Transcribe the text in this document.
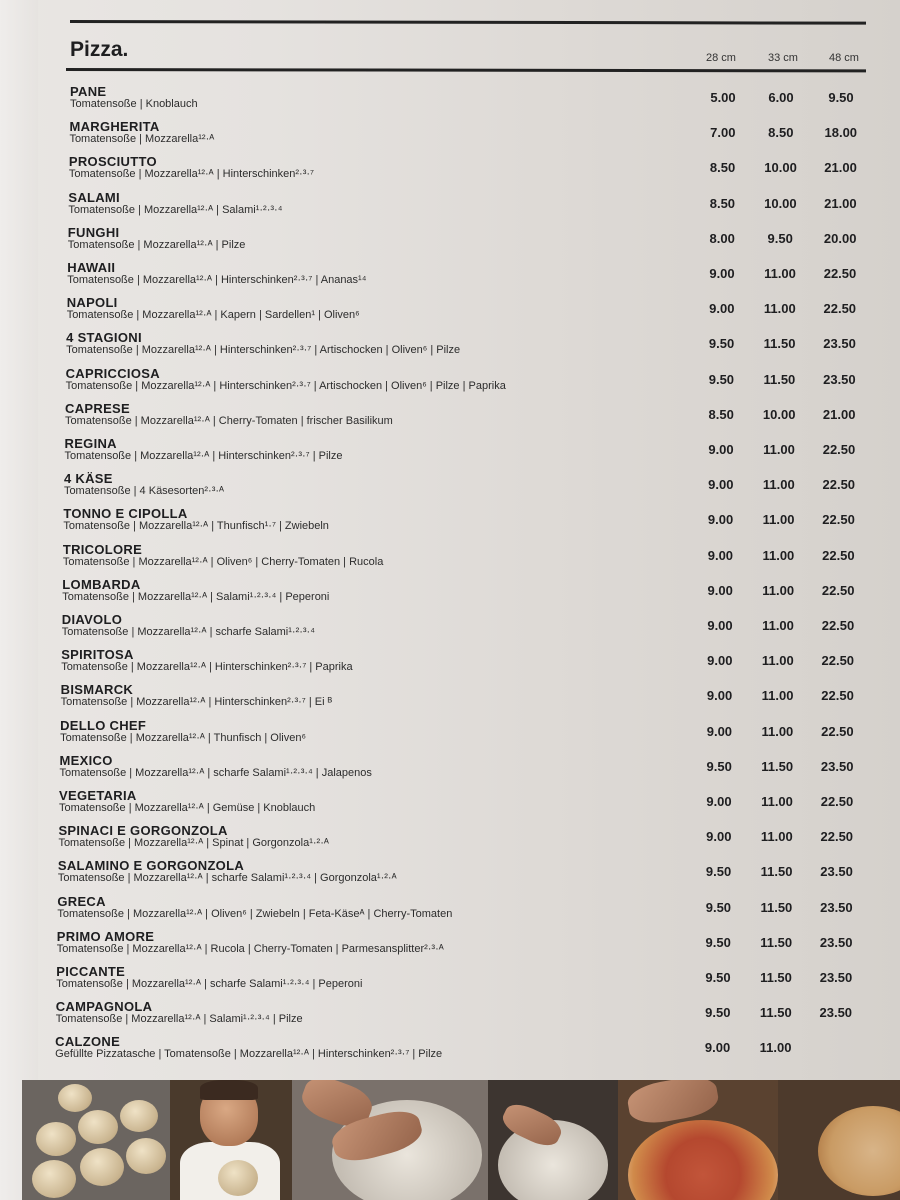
Pizza.	28 cm	33 cm	48 cm
PANE
Tomatensoße | Knoblauch	5.00	6.00	9.50
MARGHERITA
Tomatensoße | Mozzarella¹²·ᴬ	7.00	8.50	18.00
PROSCIUTTO
Tomatensoße | Mozzarella¹²·ᴬ | Hinterschinken²·³·⁷	8.50	10.00	21.00
SALAMI
Tomatensoße | Mozzarella¹²·ᴬ | Salami¹·²·³·⁴	8.50	10.00	21.00
FUNGHI
Tomatensoße | Mozzarella¹²·ᴬ | Pilze	8.00	9.50	20.00
HAWAII
Tomatensoße | Mozzarella¹²·ᴬ | Hinterschinken²·³·⁷ | Ananas¹⁴	9.00	11.00	22.50
NAPOLI
Tomatensoße | Mozzarella¹²·ᴬ | Kapern | Sardellen¹ | Oliven⁶	9.00	11.00	22.50
4 STAGIONI
Tomatensoße | Mozzarella¹²·ᴬ | Hinterschinken²·³·⁷ | Artischocken | Oliven⁶ | Pilze	9.50	11.50	23.50
CAPRICCIOSA
Tomatensoße | Mozzarella¹²·ᴬ | Hinterschinken²·³·⁷ | Artischocken | Oliven⁶ | Pilze | Paprika	9.50	11.50	23.50
CAPRESE
Tomatensoße | Mozzarella¹²·ᴬ | Cherry-Tomaten | frischer Basilikum	8.50	10.00	21.00
REGINA
Tomatensoße | Mozzarella¹²·ᴬ | Hinterschinken²·³·⁷ | Pilze	9.00	11.00	22.50
4 KÄSE
Tomatensoße | 4 Käsesorten²·³·ᴬ	9.00	11.00	22.50
TONNO E CIPOLLA
Tomatensoße | Mozzarella¹²·ᴬ | Thunfisch¹·⁷ | Zwiebeln	9.00	11.00	22.50
TRICOLORE
Tomatensoße | Mozzarella¹²·ᴬ | Oliven⁶ | Cherry-Tomaten | Rucola	9.00	11.00	22.50
LOMBARDA
Tomatensoße | Mozzarella¹²·ᴬ | Salami¹·²·³·⁴ | Peperoni	9.00	11.00	22.50
DIAVOLO
Tomatensoße | Mozzarella¹²·ᴬ | scharfe Salami¹·²·³·⁴	9.00	11.00	22.50
SPIRITOSA
Tomatensoße | Mozzarella¹²·ᴬ | Hinterschinken²·³·⁷ | Paprika	9.00	11.00	22.50
BISMARCK
Tomatensoße | Mozzarella¹²·ᴬ | Hinterschinken²·³·⁷ | Ei ᴮ	9.00	11.00	22.50
DELLO CHEF
Tomatensoße | Mozzarella¹²·ᴬ | Thunfisch | Oliven⁶	9.00	11.00	22.50
MEXICO
Tomatensoße | Mozzarella¹²·ᴬ | scharfe Salami¹·²·³·⁴ | Jalapenos	9.50	11.50	23.50
VEGETARIA
Tomatensoße | Mozzarella¹²·ᴬ | Gemüse | Knoblauch	9.00	11.00	22.50
SPINACI E GORGONZOLA
Tomatensoße | Mozzarella¹²·ᴬ | Spinat | Gorgonzola¹·²·ᴬ	9.00	11.00	22.50
SALAMINO E GORGONZOLA
Tomatensoße | Mozzarella¹²·ᴬ | scharfe Salami¹·²·³·⁴ | Gorgonzola¹·²·ᴬ	9.50	11.50	23.50
GRECA
Tomatensoße | Mozzarella¹²·ᴬ | Oliven⁶ | Zwiebeln | Feta-Käseᴬ | Cherry-Tomaten	9.50	11.50	23.50
PRIMO AMORE
Tomatensoße | Mozzarella¹²·ᴬ | Rucola | Cherry-Tomaten | Parmesansplitter²·³·ᴬ	9.50	11.50	23.50
PICCANTE
Tomatensoße | Mozzarella¹²·ᴬ | scharfe Salami¹·²·³·⁴ | Peperoni	9.50	11.50	23.50
CAMPAGNOLA
Tomatensoße | Mozzarella¹²·ᴬ | Salami¹·²·³·⁴ | Pilze	9.50	11.50	23.50
CALZONE
Gefüllte Pizzatasche | Tomatensoße | Mozzarella¹²·ᴬ | Hinterschinken²·³·⁷ | Pilze	9.00	11.00
